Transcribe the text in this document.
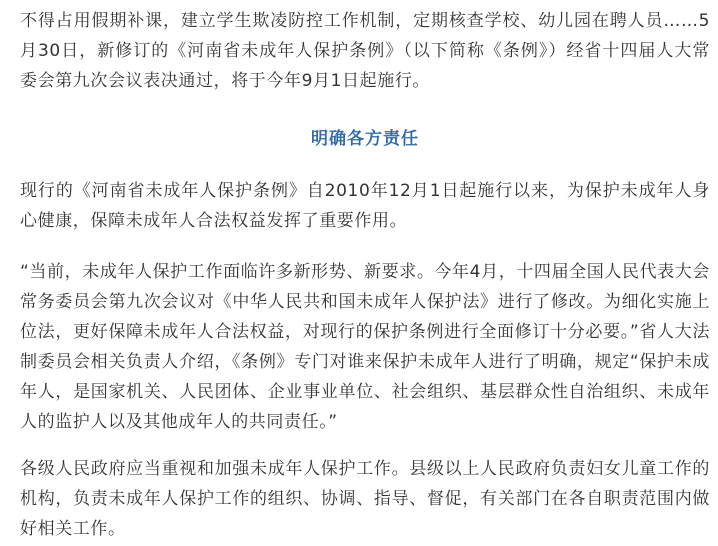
不得占用假期补课，建立学生欺凌防控工作机制，定期核查学校、幼儿园在聘人员……5月30日，新修订的《河南省未成年人保护条例》（以下简称《条例》）经省十四届人大常委会第九次会议表决通过，将于今年9月1日起施行。

明确各方责任

现行的《河南省未成年人保护条例》自2010年12月1日起施行以来，为保护未成年人身心健康，保障未成年人合法权益发挥了重要作用。

“当前，未成年人保护工作面临许多新形势、新要求。今年4月，十四届全国人民代表大会常务委员会第九次会议对《中华人民共和国未成年人保护法》进行了修改。为细化实施上位法，更好保障未成年人合法权益，对现行的保护条例进行全面修订十分必要。”省人大法制委员会相关负责人介绍，《条例》专门对谁来保护未成年人进行了明确，规定“保护未成年人，是国家机关、人民团体、企业事业单位、社会组织、基层群众性自治组织、未成年人的监护人以及其他成年人的共同责任。”

各级人民政府应当重视和加强未成年人保护工作。县级以上人民政府负责妇女儿童工作的机构，负责未成年人保护工作的组织、协调、指导、督促，有关部门在各自职责范围内做好相关工作。
